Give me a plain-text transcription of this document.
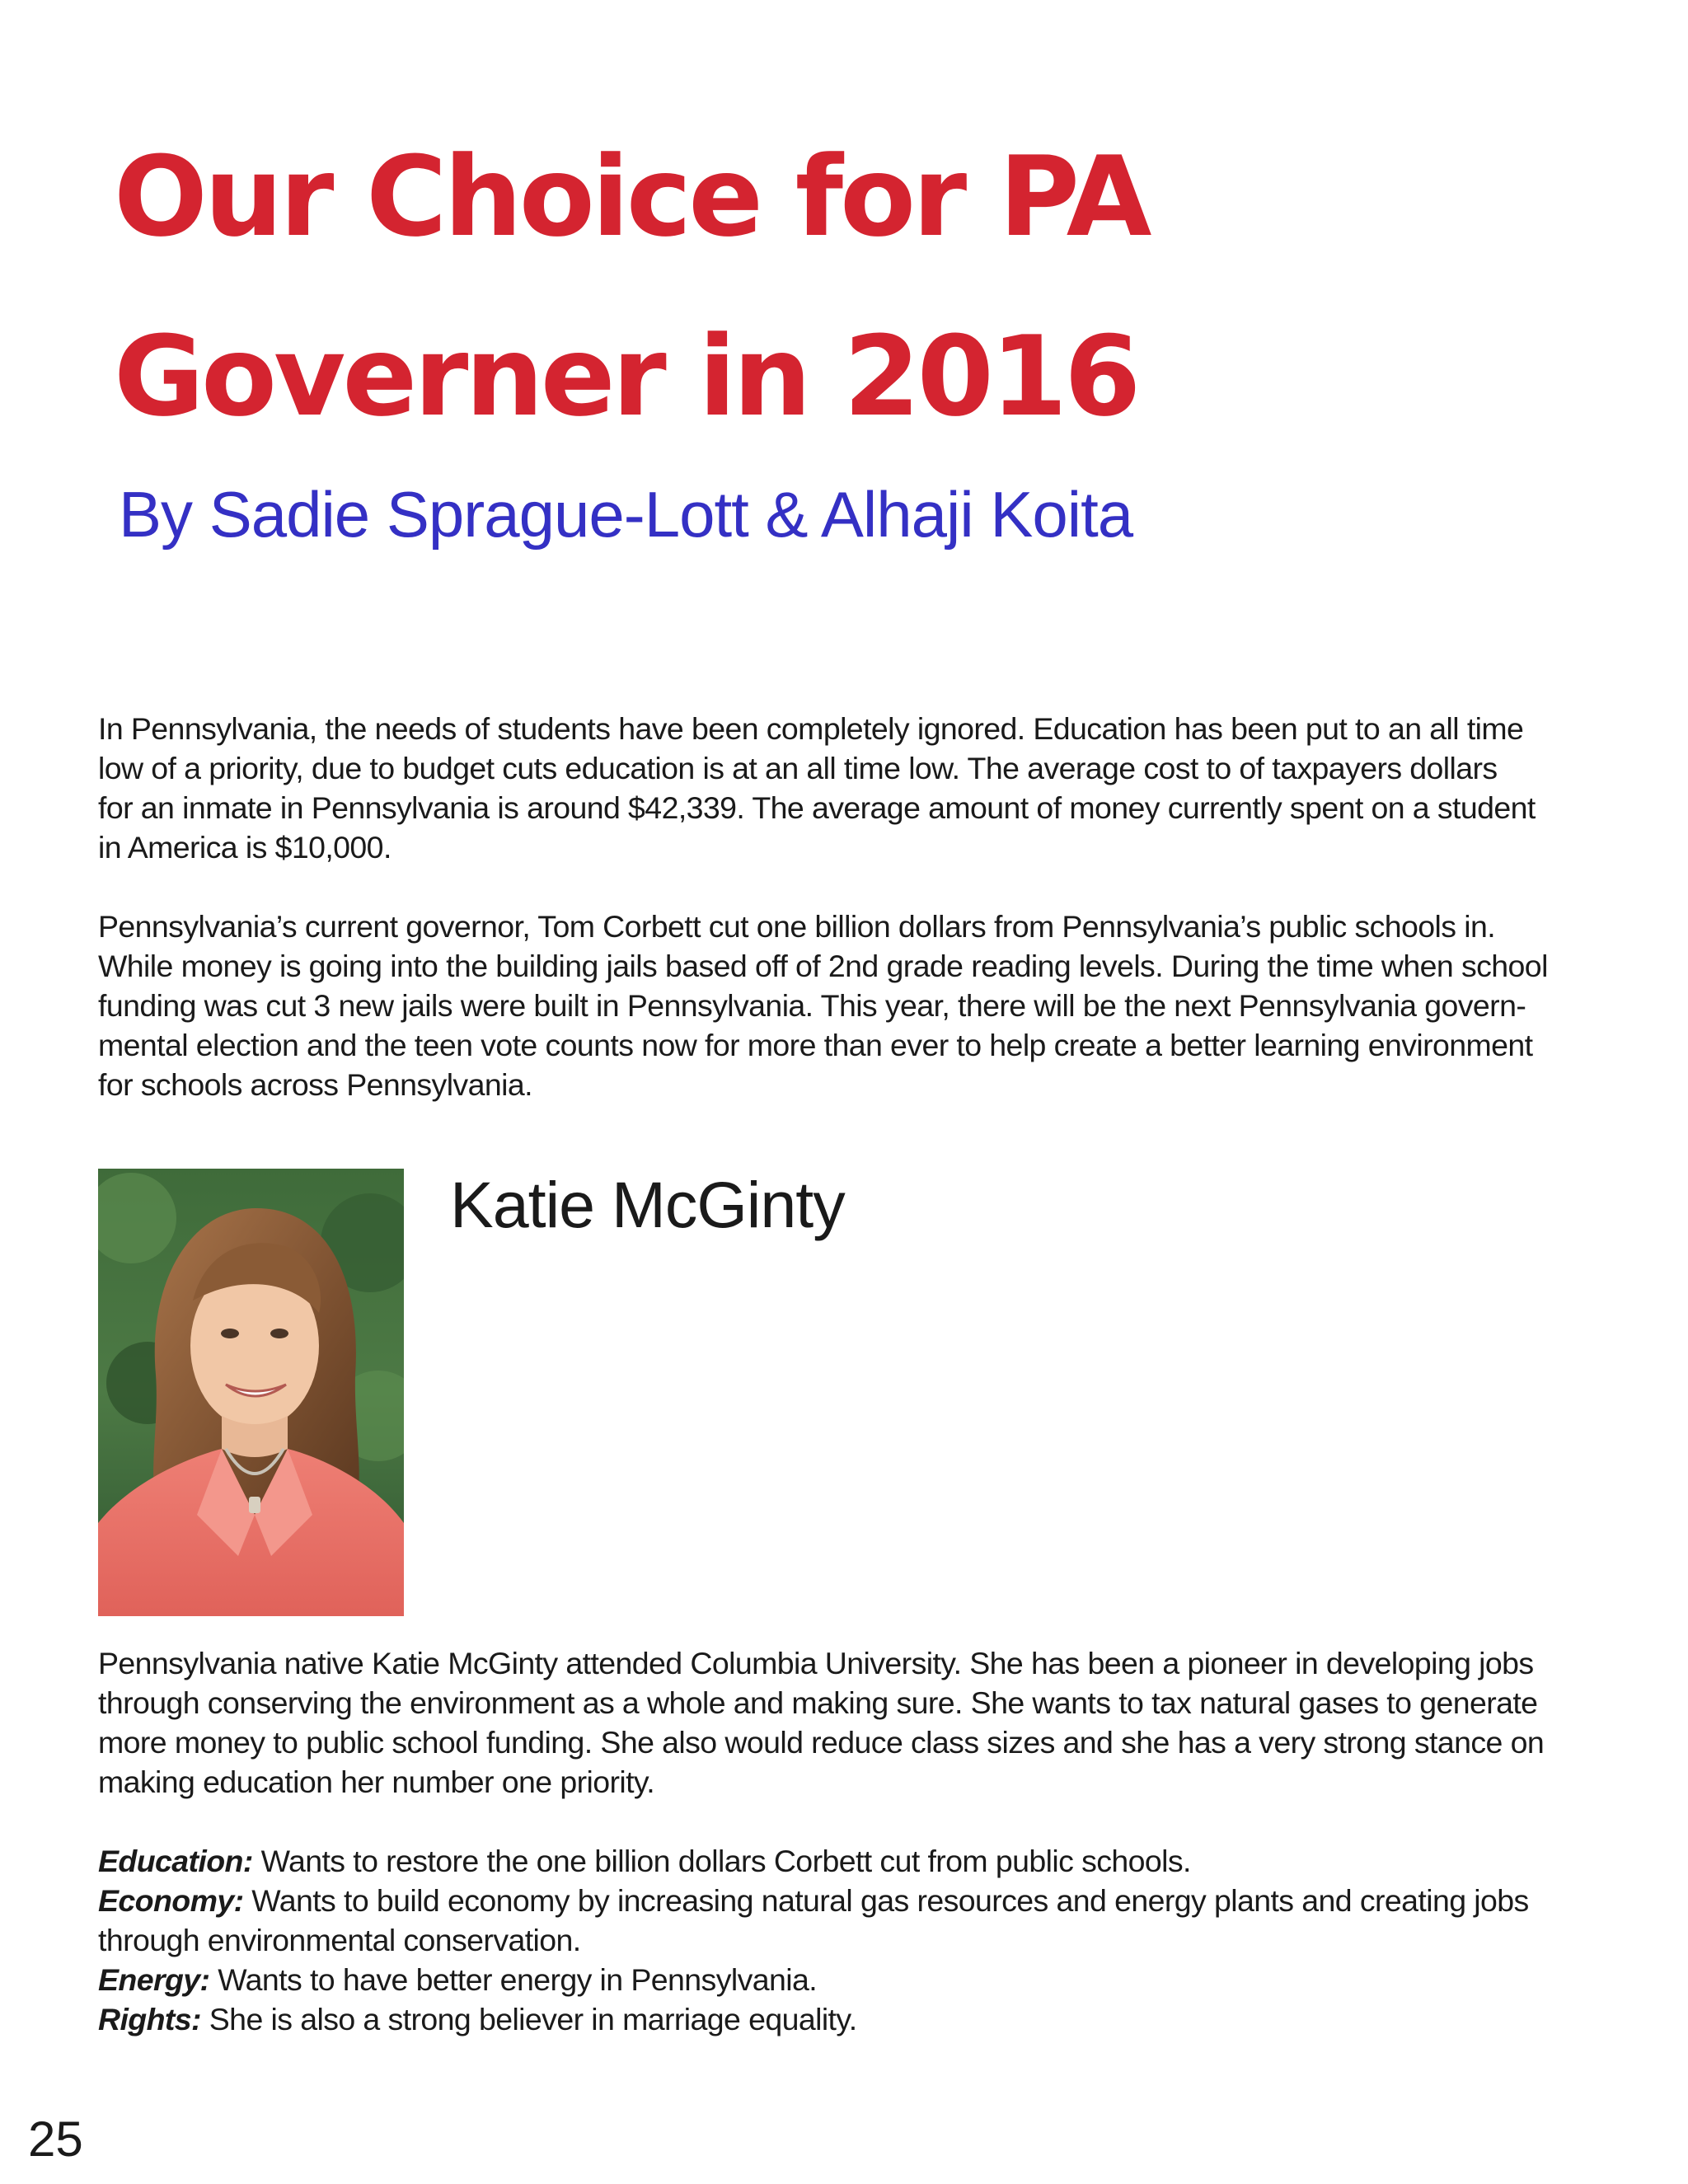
Our Choice for PA
Governer in 2016
By Sadie Sprague-Lott & Alhaji Koita

In Pennsylvania, the needs of students have been completely ignored. Education has been put to an all time
low of a priority, due to budget cuts education is at an all time low. The average cost to of taxpayers dollars
for an inmate in Pennsylvania is around $42,339. The average amount of money currently spent on a student
in America is $10,000.

Pennsylvania’s current governor, Tom Corbett cut one billion dollars from Pennsylvania’s public schools in.
While money is going into the building jails based off of 2nd grade reading levels. During the time when school
funding was cut 3 new jails were built in Pennsylvania. This year, there will be the next Pennsylvania govern-
mental election and the teen vote counts now for more than ever to help create a better learning environment
for schools across Pennsylvania.

Katie McGinty

Pennsylvania native Katie McGinty attended Columbia University. She has been a pioneer in developing jobs
through conserving the environment as a whole and making sure. She wants to tax natural gases to generate
more money to public school funding. She also would reduce class sizes and she has a very strong stance on
making education her number one priority.

Education: Wants to restore the one billion dollars Corbett cut from public schools.
Economy: Wants to build economy by increasing natural gas resources and energy plants and creating jobs
through environmental conservation.
Energy: Wants to have better energy in Pennsylvania.
Rights: She is also a strong believer in marriage equality.
25
